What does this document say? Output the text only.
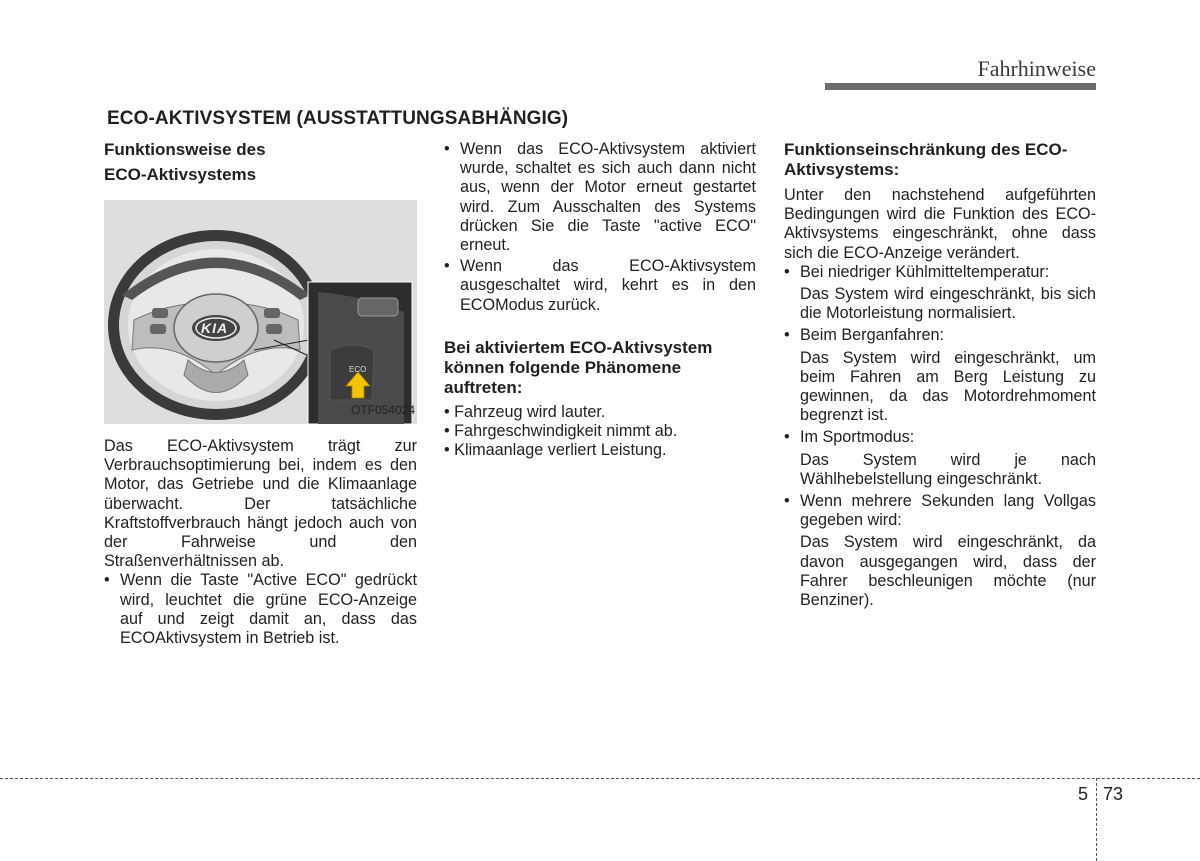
Fahrhinweise
ECO-AKTIVSYSTEM (AUSSTATTUNGSABHÄNGIG)
Funktionsweise des
ECO-Aktivsystems
KIA
ECO
OTF054024

Das ECO-Aktivsystem trägt zur Verbrauchsoptimierung bei, indem es den Motor, das Getriebe und die Klimaanlage überwacht. Der tatsächliche Kraftstoffverbrauch hängt jedoch auch von der Fahrweise und den Straßenverhältnissen ab.

• Wenn die Taste "Active ECO" gedrückt wird, leuchtet die grüne ECO-Anzeige auf und zeigt damit an, dass das ECOAktivsystem in Betrieb ist.
• Wenn das ECO-Aktivsystem aktiviert wurde, schaltet es sich auch dann nicht aus, wenn der Motor erneut gestartet wird. Zum Ausschalten des Systems drücken Sie die Taste "active ECO" erneut.
• Wenn das ECO-Aktivsystem ausgeschaltet wird, kehrt es in den ECOModus zurück.
Bei aktiviertem ECO-Aktivsystem können folgende Phänomene auftreten:
• Fahrzeug wird lauter.
• Fahrgeschwindigkeit nimmt ab.
• Klimaanlage verliert Leistung.
Funktionseinschränkung des ECO-Aktivsystems:

Unter den nachstehend aufgeführten Bedingungen wird die Funktion des ECO-Aktivsystems eingeschränkt, ohne dass sich die ECO-Anzeige verändert.

• Bei niedriger Kühlmitteltemperatur:

Das System wird eingeschränkt, bis sich die Motorleistung normalisiert.

• Beim Berganfahren:

Das System wird eingeschränkt, um beim Fahren am Berg Leistung zu gewinnen, da das Motordrehmoment begrenzt ist.

• Im Sportmodus:

Das System wird je nach Wählhebelstellung eingeschränkt.

• Wenn mehrere Sekunden lang Vollgas gegeben wird:

Das System wird eingeschränkt, da davon ausgegangen wird, dass der Fahrer beschleunigen möchte (nur Benziner).

5 73
